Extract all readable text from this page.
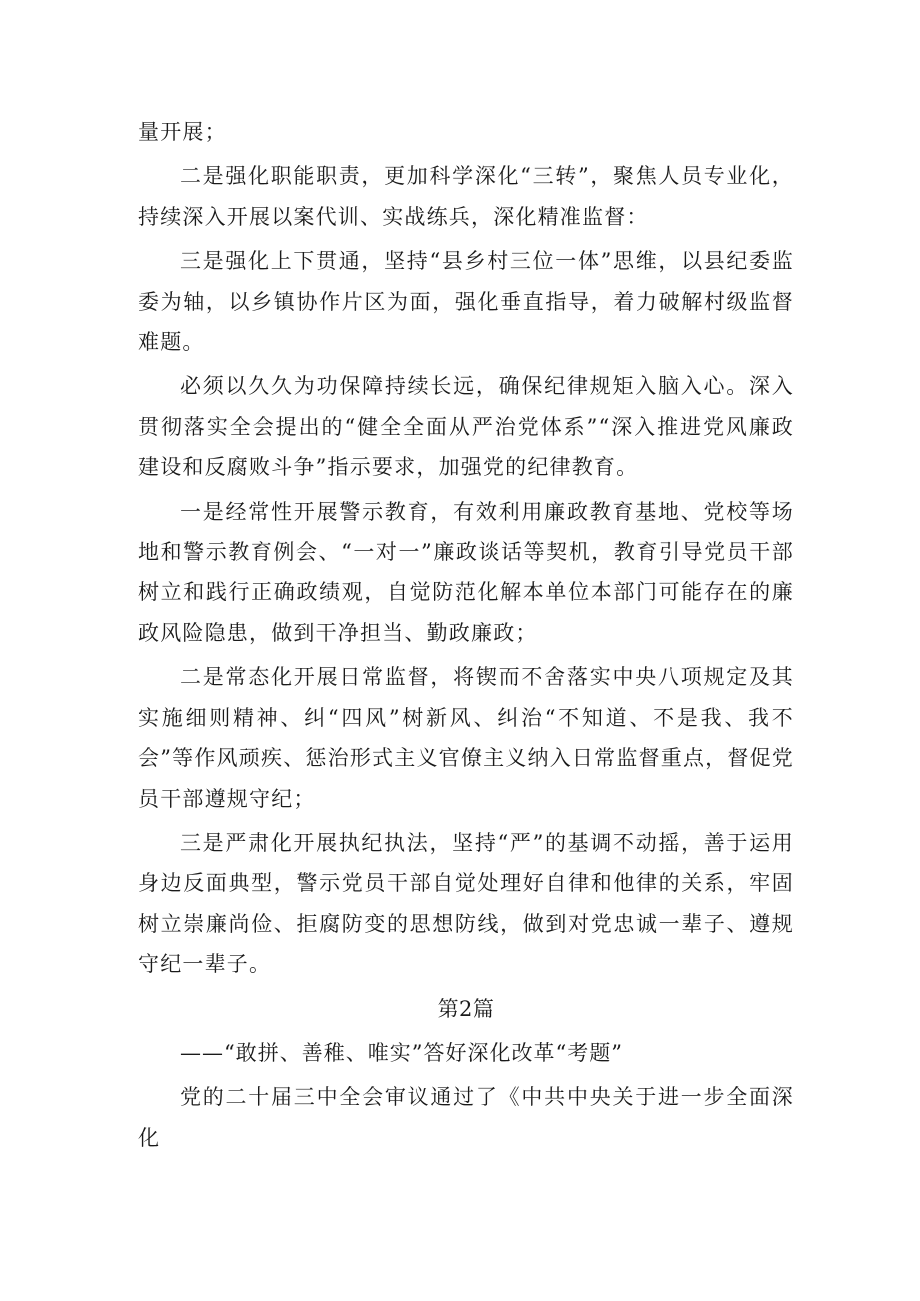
量开展；

二是强化职能职责，更加科学深化“三转”，聚焦人员专业化，持续深入开展以案代训、实战练兵，深化精准监督：

三是强化上下贯通，坚持“县乡村三位一体”思维，以县纪委监委为轴，以乡镇协作片区为面，强化垂直指导，着力破解村级监督难题。

必须以久久为功保障持续长远，确保纪律规矩入脑入心。深入贯彻落实全会提出的“健全全面从严治党体系”“深入推进党风廉政建设和反腐败斗争”指示要求，加强党的纪律教育。

一是经常性开展警示教育，有效利用廉政教育基地、党校等场地和警示教育例会、“一对一”廉政谈话等契机，教育引导党员干部树立和践行正确政绩观，自觉防范化解本单位本部门可能存在的廉政风险隐患，做到干净担当、勤政廉政；

二是常态化开展日常监督，将锲而不舍落实中央八项规定及其实施细则精神、纠“四风”树新风、纠治“不知道、不是我、我不会”等作风顽疾、惩治形式主义官僚主义纳入日常监督重点，督促党员干部遵规守纪；

三是严肃化开展执纪执法，坚持“严”的基调不动摇，善于运用身边反面典型，警示党员干部自觉处理好自律和他律的关系，牢固树立崇廉尚俭、拒腐防变的思想防线，做到对党忠诚一辈子、遵规守纪一辈子。

第2篇
——“敢拼、善稚、唯实”答好深化改革“考题”

党的二十届三中全会审议通过了《中共中央关于进一步全面深化
